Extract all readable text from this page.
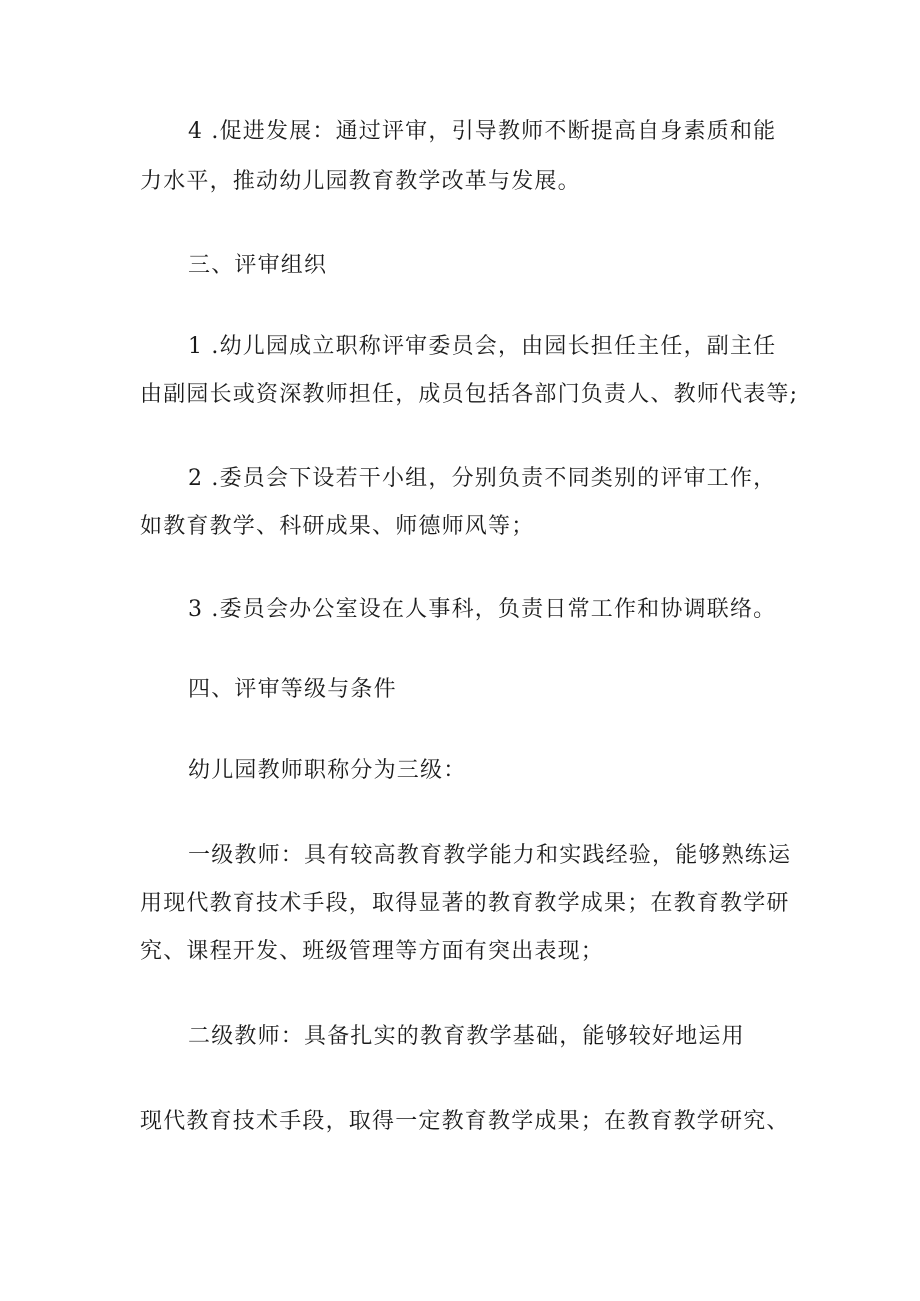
4 .促进发展：通过评审，引导教师不断提高自身素质和能
力水平，推动幼儿园教育教学改革与发展。
三、评审组织
1 .幼儿园成立职称评审委员会，由园长担任主任，副主任
由副园长或资深教师担任，成员包括各部门负责人、教师代表等;
2 .委员会下设若干小组，分别负责不同类别的评审工作，
如教育教学、科研成果、师德师风等；
3 .委员会办公室设在人事科，负责日常工作和协调联络。
四、评审等级与条件
幼儿园教师职称分为三级：
一级教师：具有较高教育教学能力和实践经验，能够熟练运
用现代教育技术手段，取得显著的教育教学成果；在教育教学研
究、课程开发、班级管理等方面有突出表现；
二级教师：具备扎实的教育教学基础，能够较好地运用
现代教育技术手段，取得一定教育教学成果；在教育教学研究、
